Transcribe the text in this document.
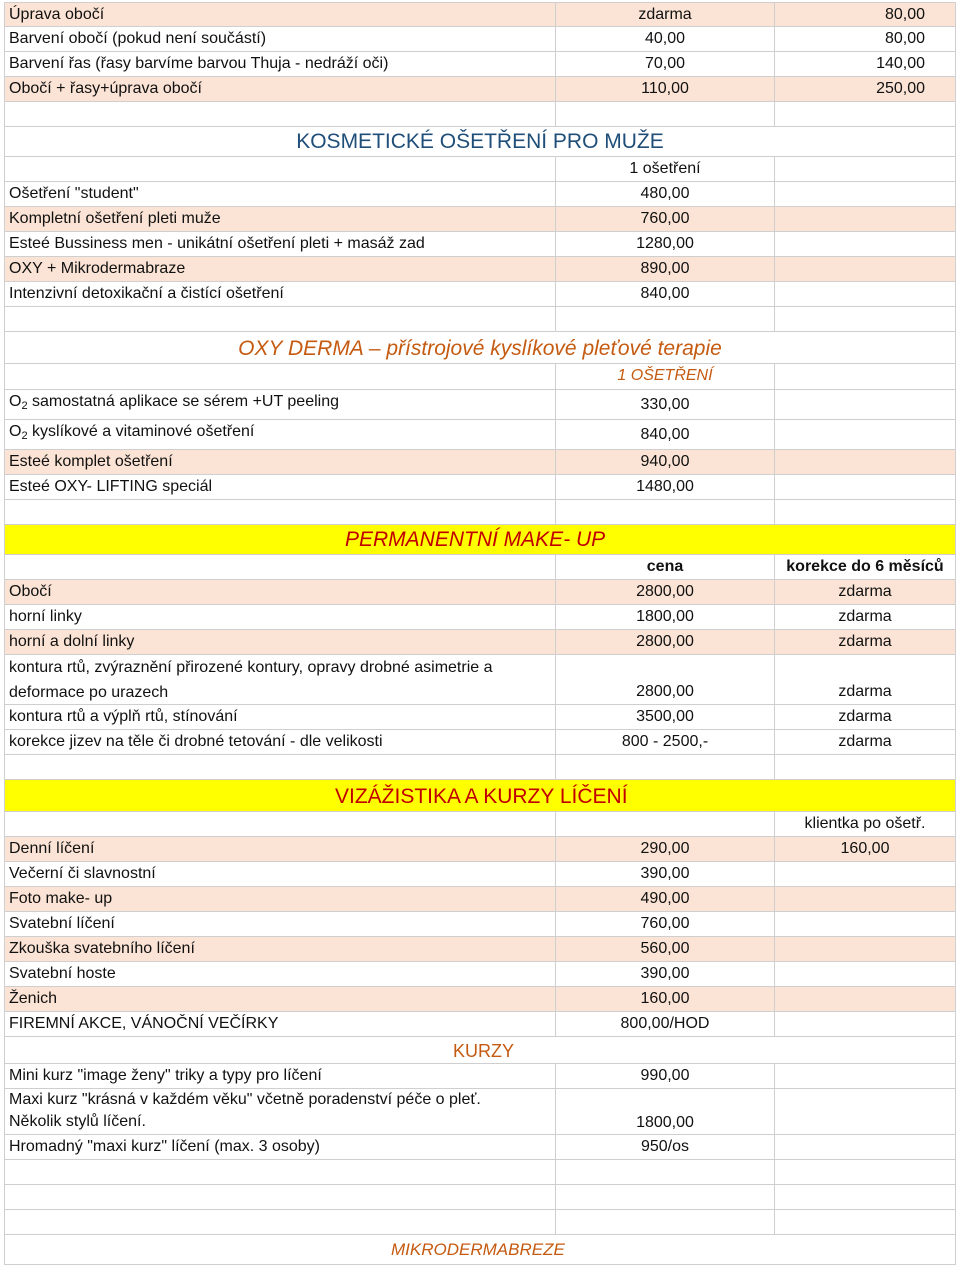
Úprava obočí	zdarma	80,00
Barvení obočí (pokud není součástí)	40,00	80,00
Barvení řas (řasy barvíme barvou Thuja - nedráží oči)	70,00	140,00
Obočí + řasy+úprava obočí	110,00	250,00
KOSMETICKÉ OŠETŘENÍ PRO MUŽE
1 ošetření
Ošetření "student"	480,00
Kompletní ošetření pleti muže	760,00
Esteé Bussiness men - unikátní ošetření pleti + masáž zad	1280,00
OXY + Mikrodermabraze	890,00
Intenzivní detoxikační a čistící ošetření	840,00
OXY DERMA – přístrojové kyslíkové pleťové terapie
1 OŠETŘENÍ
$O_2$ samostatná aplikace se sérem +UT peeling	330,00
$O_2$ kyslíkové a vitaminové ošetření	840,00
Esteé komplet ošetření	940,00
Esteé OXY- LIFTING speciál	1480,00
PERMANENTNÍ MAKE- UP
cena	korekce do 6 měsíců
Obočí	2800,00	zdarma
horní linky	1800,00	zdarma
horní a dolní linky	2800,00	zdarma
kontura rtů, zvýraznění přirozené kontury, opravy drobné asimetrie a deformace po urazech	2800,00	zdarma
kontura rtů a výplň rtů, stínování	3500,00	zdarma
korekce jizev na těle či drobné tetování - dle velikosti	800 - 2500,-	zdarma
VIZÁŽISTIKA A KURZY LÍČENÍ
klientka po ošetř.
Denní líčení	290,00	160,00
Večerní či slavnostní	390,00
Foto make- up	490,00
Svatební líčení	760,00
Zkouška svatebního líčení	560,00
Svatební hoste	390,00
Ženich	160,00
FIREMNÍ AKCE, VÁNOČNÍ VEČÍRKY	800,00/HOD
KURZY
Mini kurz "image ženy" triky a typy pro líčení	990,00
Maxi kurz "krásná v každém věku" včetně poradenství péče o pleť. Několik stylů líčení.	1800,00
Hromadný "maxi kurz" líčení (max. 3 osoby)	950/os
MIKRODERMABREZE
